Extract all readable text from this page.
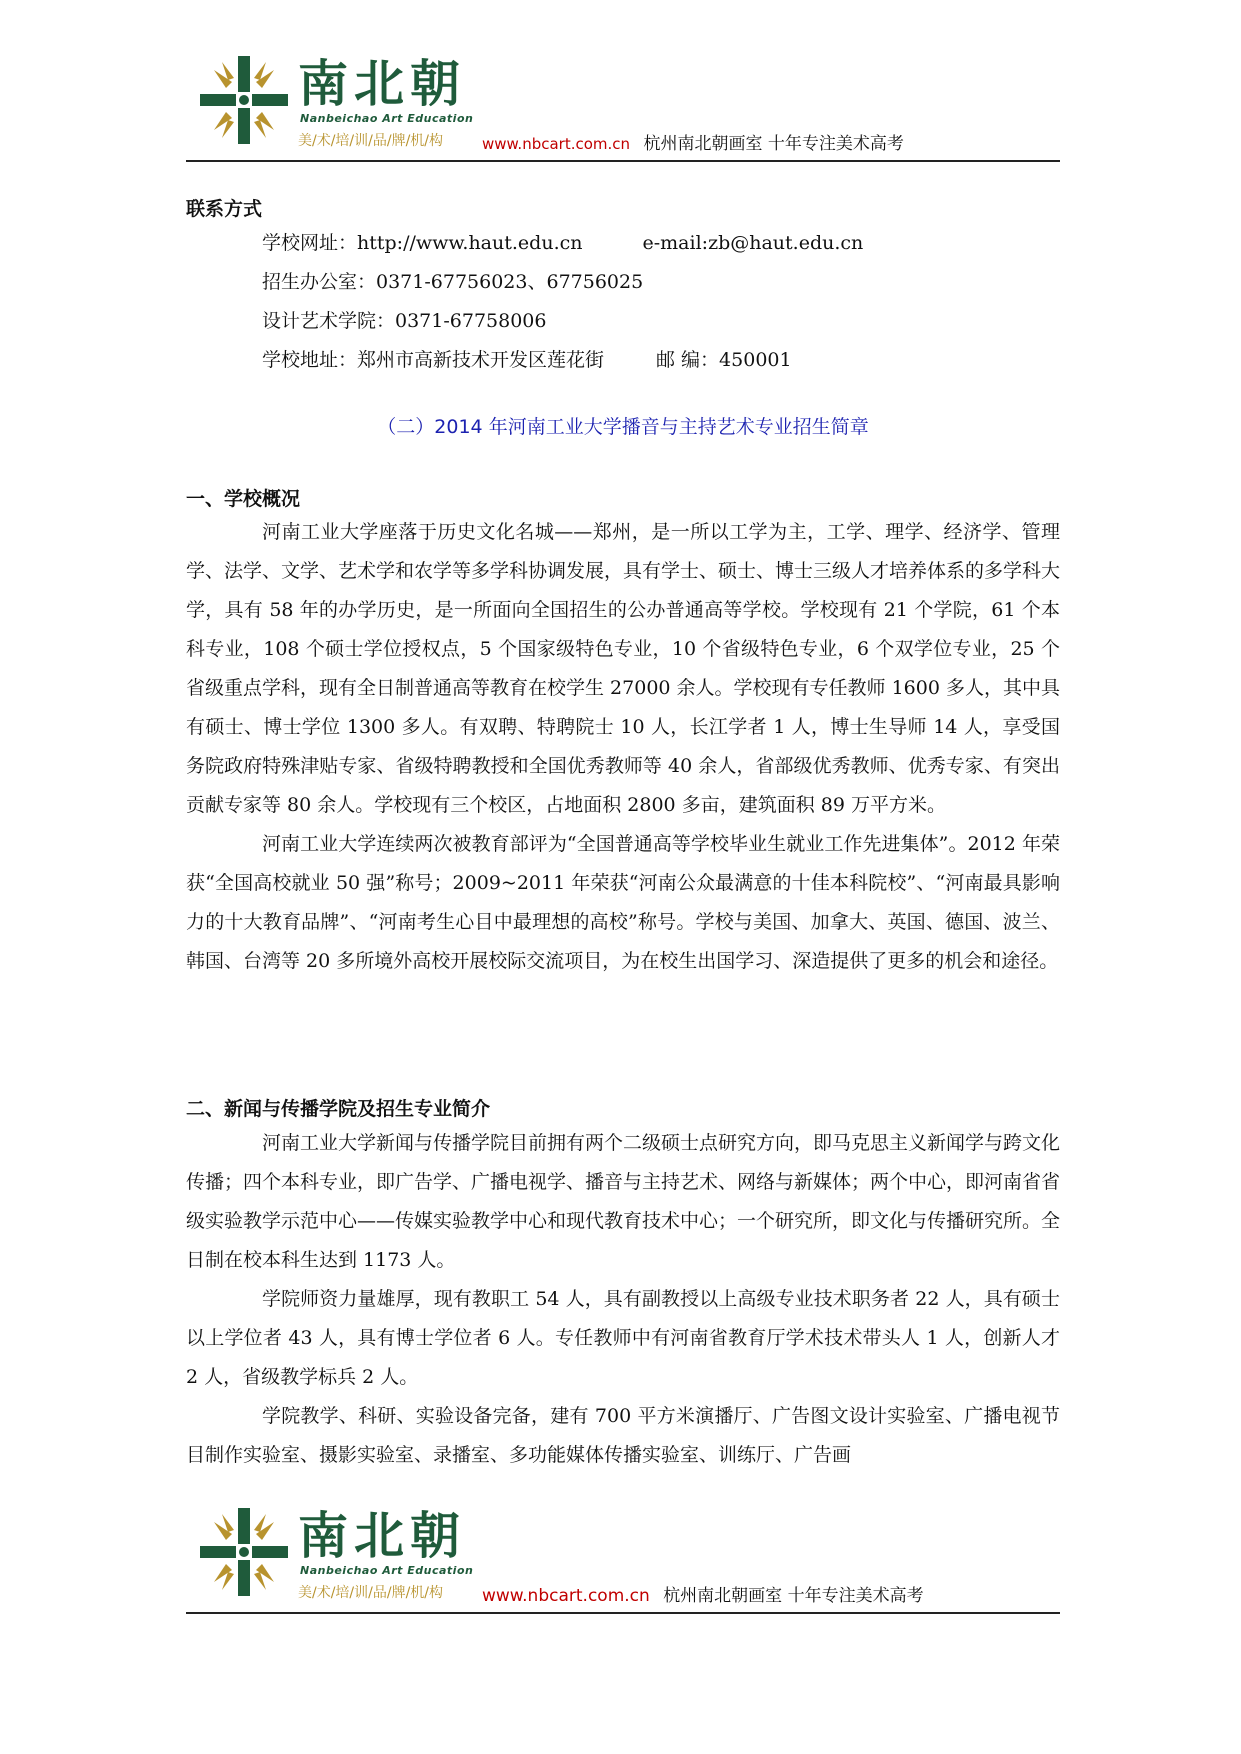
南北朝
Nanbeichao Art Education
美/术/培/训/品/牌/机/构	www.nbcart.com.cn 杭州南北朝画室 十年专注美术高考
联系方式
学校网址：http://www.haut.edu.cn	e-mail:zb@haut.edu.cn
招生办公室：0371-67756023、67756025
设计艺术学院：0371-67758006
学校地址：郑州市高新技术开发区莲花街	邮 编：450001
（二）2014 年河南工业大学播音与主持艺术专业招生简章
一、学校概况

河南工业大学座落于历史文化名城——郑州，是一所以工学为主，工学、理学、经济学、管理学、法学、文学、艺术学和农学等多学科协调发展，具有学士、硕士、博士三级人才培养体系的多学科大学，具有 58 年的办学历史，是一所面向全国招生的公办普通高等学校。学校现有 21 个学院，61 个本科专业，108 个硕士学位授权点，5 个国家级特色专业，10 个省级特色专业，6 个双学位专业，25 个省级重点学科，现有全日制普通高等教育在校学生 27000 余人。学校现有专任教师 1600 多人，其中具有硕士、博士学位 1300 多人。有双聘、特聘院士 10 人，长江学者 1 人，博士生导师 14 人，享受国务院政府特殊津贴专家、省级特聘教授和全国优秀教师等 40 余人，省部级优秀教师、优秀专家、有突出贡献专家等 80 余人。学校现有三个校区，占地面积 2800 多亩，建筑面积 89 万平方米。

河南工业大学连续两次被教育部评为“全国普通高等学校毕业生就业工作先进集体”。2012 年荣获“全国高校就业 50 强”称号；2009~2011 年荣获“河南公众最满意的十佳本科院校”、“河南最具影响力的十大教育品牌”、“河南考生心目中最理想的高校”称号。学校与美国、加拿大、英国、德国、波兰、韩国、台湾等 20 多所境外高校开展校际交流项目，为在校生出国学习、深造提供了更多的机会和途径。

二、新闻与传播学院及招生专业简介

河南工业大学新闻与传播学院目前拥有两个二级硕士点研究方向，即马克思主义新闻学与跨文化传播；四个本科专业，即广告学、广播电视学、播音与主持艺术、网络与新媒体；两个中心，即河南省省级实验教学示范中心——传媒实验教学中心和现代教育技术中心；一个研究所，即文化与传播研究所。全日制在校本科生达到 1173 人。

学院师资力量雄厚，现有教职工 54 人，具有副教授以上高级专业技术职务者 22 人，具有硕士以上学位者 43 人，具有博士学位者 6 人。专任教师中有河南省教育厅学术技术带头人 1 人，创新人才 2 人，省级教学标兵 2 人。

学院教学、科研、实验设备完备，建有 700 平方米演播厅、广告图文设计实验室、广播电视节目制作实验室、摄影实验室、录播室、多功能媒体传播实验室、训练厅、广告画

南北朝
Nanbeichao Art Education
美/术/培/训/品/牌/机/构 www.nbcart.com.cn 杭州南北朝画室 十年专注美术高考
